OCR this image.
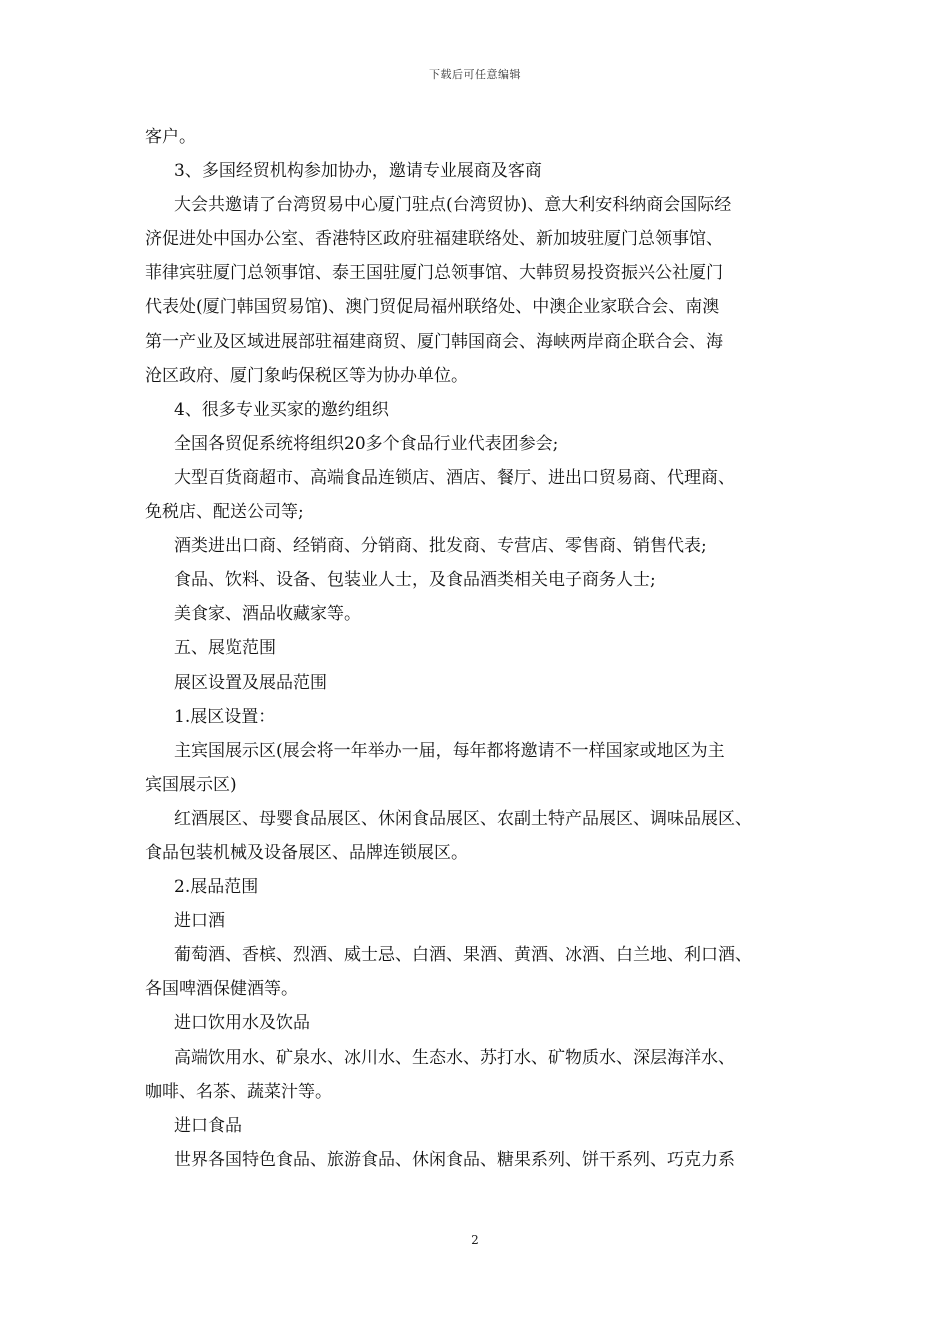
下载后可任意编辑
客户。
3、多国经贸机构参加协办，邀请专业展商及客商
大会共邀请了台湾贸易中心厦门驻点(台湾贸协)、意大利安科纳商会国际经
济促进处中国办公室、香港特区政府驻福建联络处、新加坡驻厦门总领事馆、
菲律宾驻厦门总领事馆、泰王国驻厦门总领事馆、大韩贸易投资振兴公社厦门
代表处(厦门韩国贸易馆)、澳门贸促局福州联络处、中澳企业家联合会、南澳
第一产业及区域进展部驻福建商贸、厦门韩国商会、海峡两岸商企联合会、海
沧区政府、厦门象屿保税区等为协办单位。
4、很多专业买家的邀约组织
全国各贸促系统将组织20多个食品行业代表团参会;
大型百货商超市、高端食品连锁店、酒店、餐厅、进出口贸易商、代理商、
免税店、配送公司等;
酒类进出口商、经销商、分销商、批发商、专营店、零售商、销售代表;
食品、饮料、设备、包装业人士，及食品酒类相关电子商务人士;
美食家、酒品收藏家等。
五、展览范围
展区设置及展品范围
1.展区设置：
主宾国展示区(展会将一年举办一届，每年都将邀请不一样国家或地区为主
宾国展示区)
红酒展区、母婴食品展区、休闲食品展区、农副土特产品展区、调味品展区、
食品包装机械及设备展区、品牌连锁展区。
2.展品范围
进口酒
葡萄酒、香槟、烈酒、威士忌、白酒、果酒、黄酒、冰酒、白兰地、利口酒、
各国啤酒保健酒等。
进口饮用水及饮品
高端饮用水、矿泉水、冰川水、生态水、苏打水、矿物质水、深层海洋水、
咖啡、名茶、蔬菜汁等。
进口食品
世界各国特色食品、旅游食品、休闲食品、糖果系列、饼干系列、巧克力系
2
